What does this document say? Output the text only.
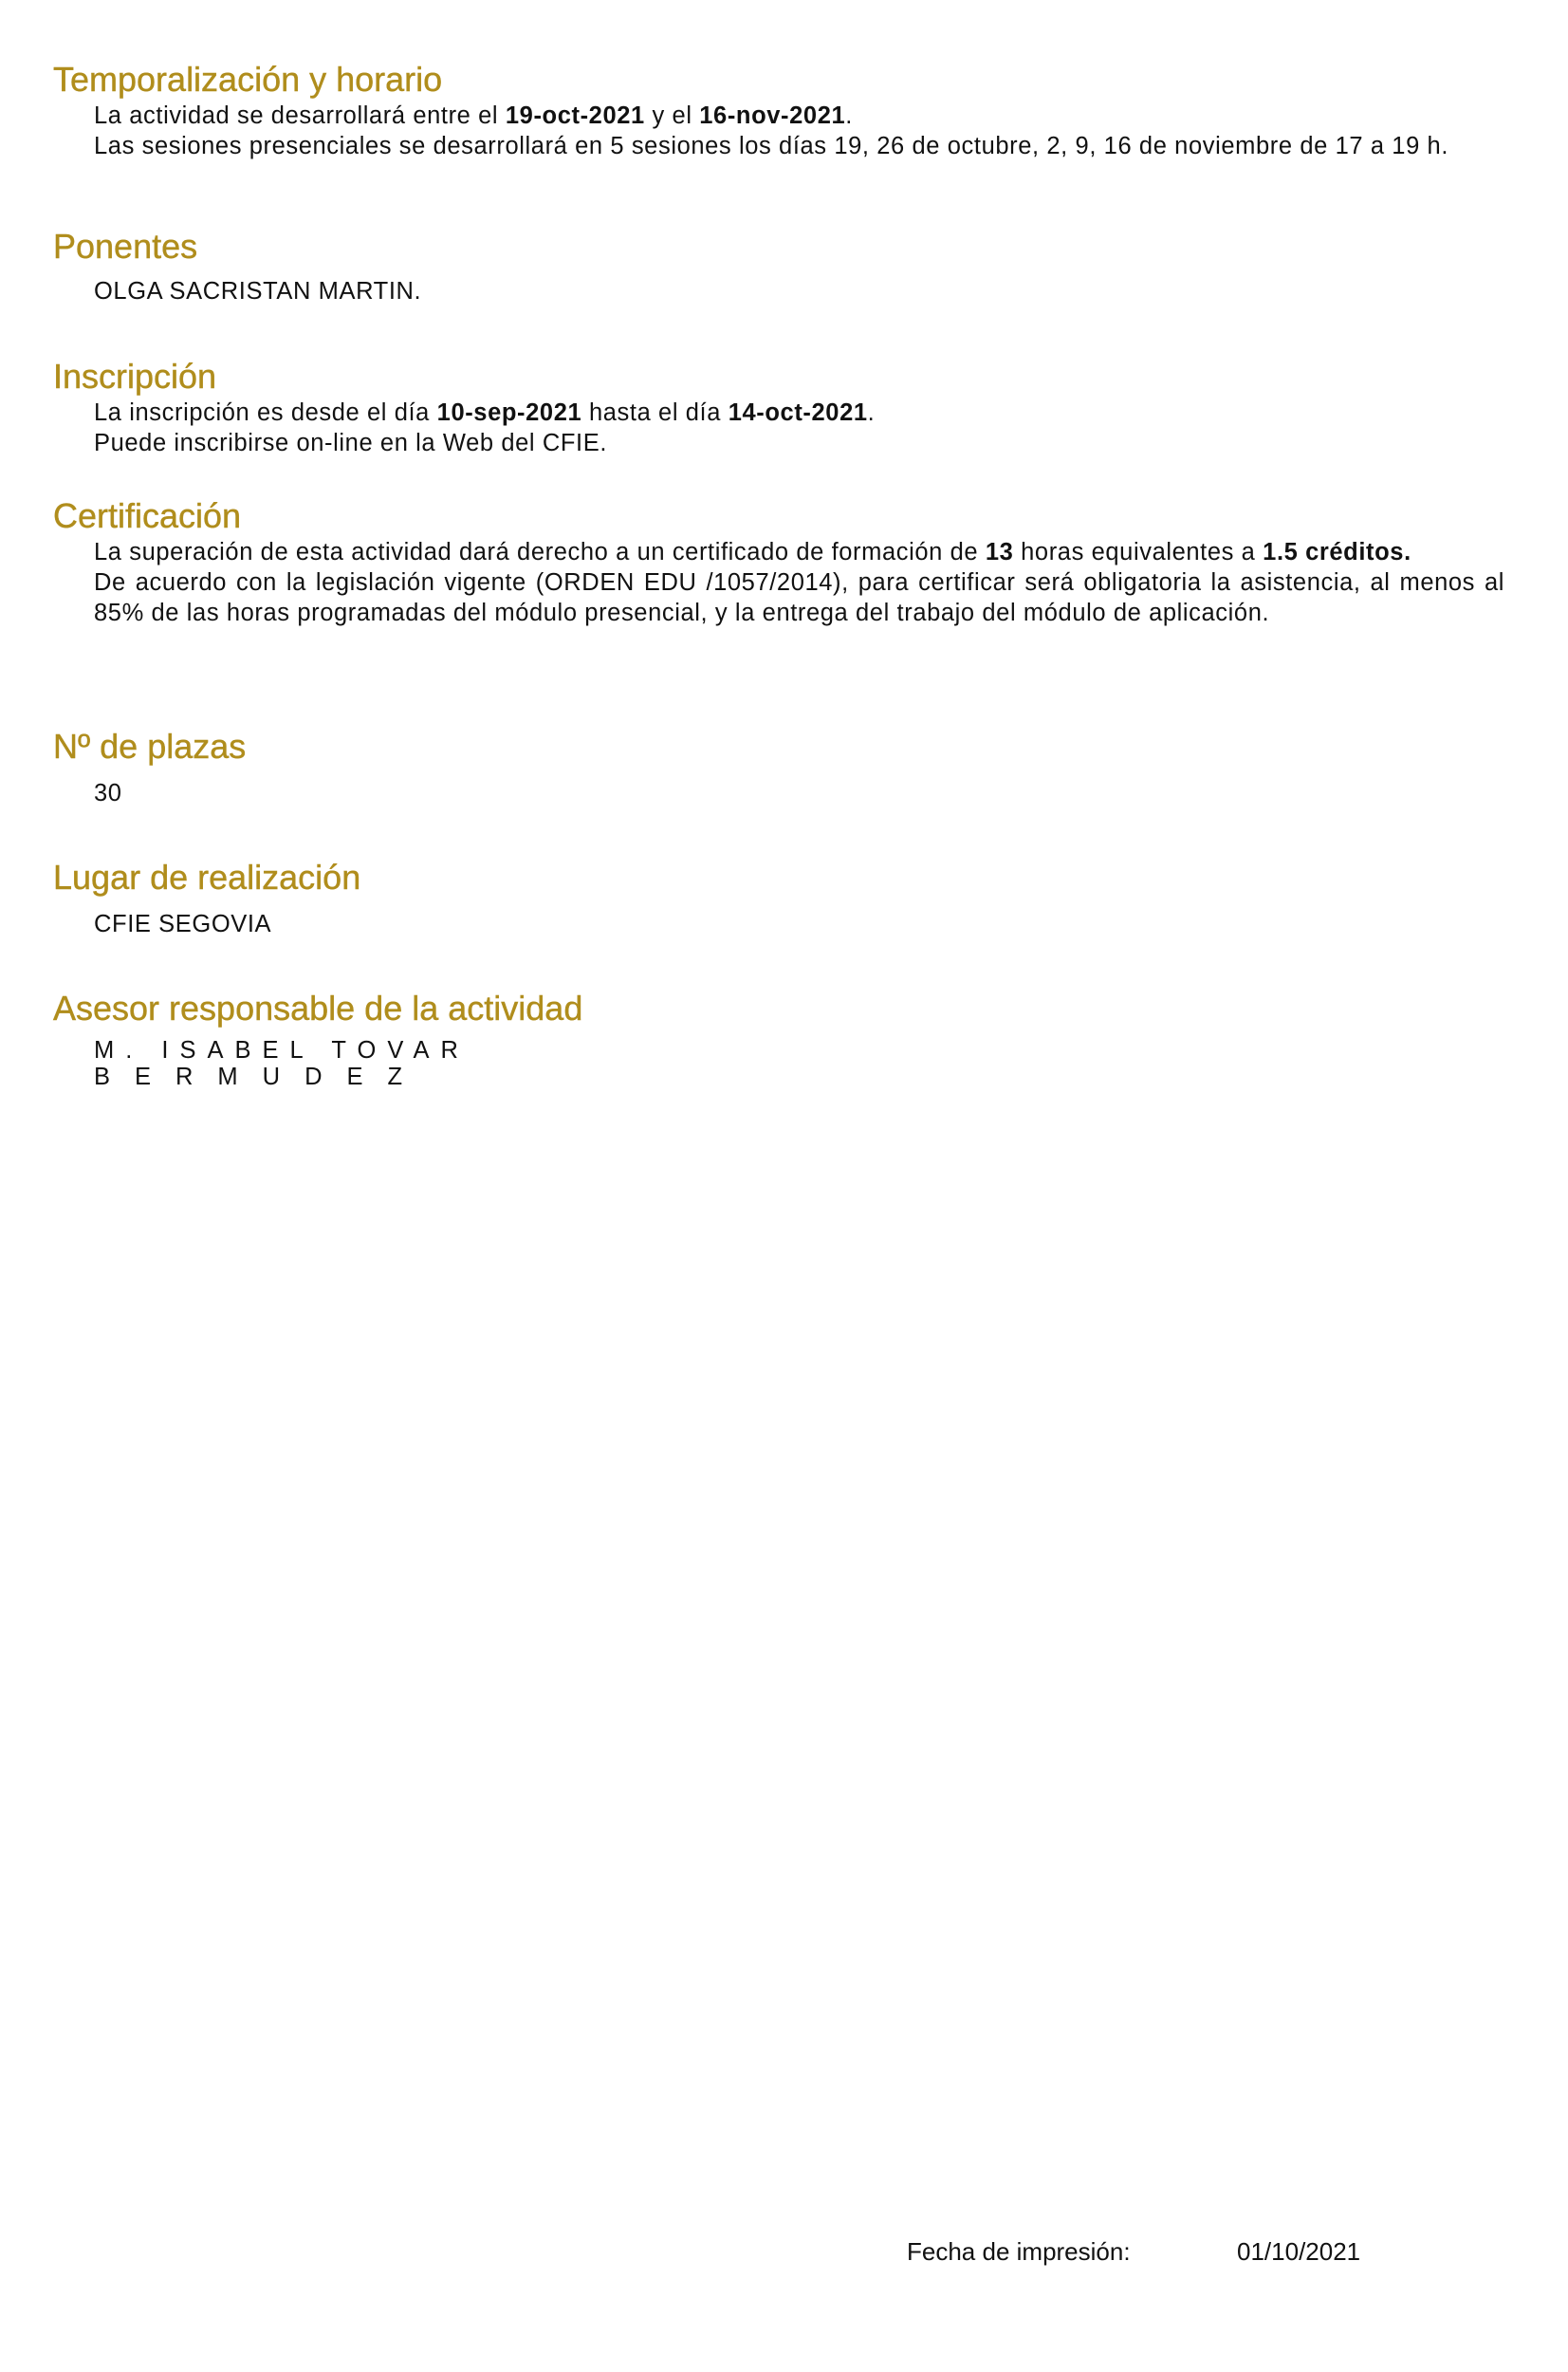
Temporalización y horario

La actividad se desarrollará entre el 19-oct-2021 y el 16-nov-2021.

Las sesiones presenciales se desarrollará en 5 sesiones los días 19, 26 de octubre, 2, 9, 16 de noviembre de 17 a 19 h.

Ponentes

OLGA SACRISTAN MARTIN.

Inscripción

La inscripción es desde el día 10-sep-2021 hasta el día 14-oct-2021.

Puede inscribirse on-line en la Web del CFIE.

Certificación

La superación de esta actividad dará derecho a un certificado de formación de 13 horas equivalentes a 1.5 créditos.

De acuerdo con la legislación vigente (ORDEN EDU /1057/2014), para certificar será obligatoria la asistencia, al menos al 85% de las horas programadas del módulo presencial, y la entrega del trabajo del módulo de aplicación.

Nº de plazas

30

Lugar de realización

CFIE SEGOVIA

Asesor responsable de la actividad

M. ISABEL TOVAR

BERMUDEZ

Fecha de impresión:	01/10/2021
